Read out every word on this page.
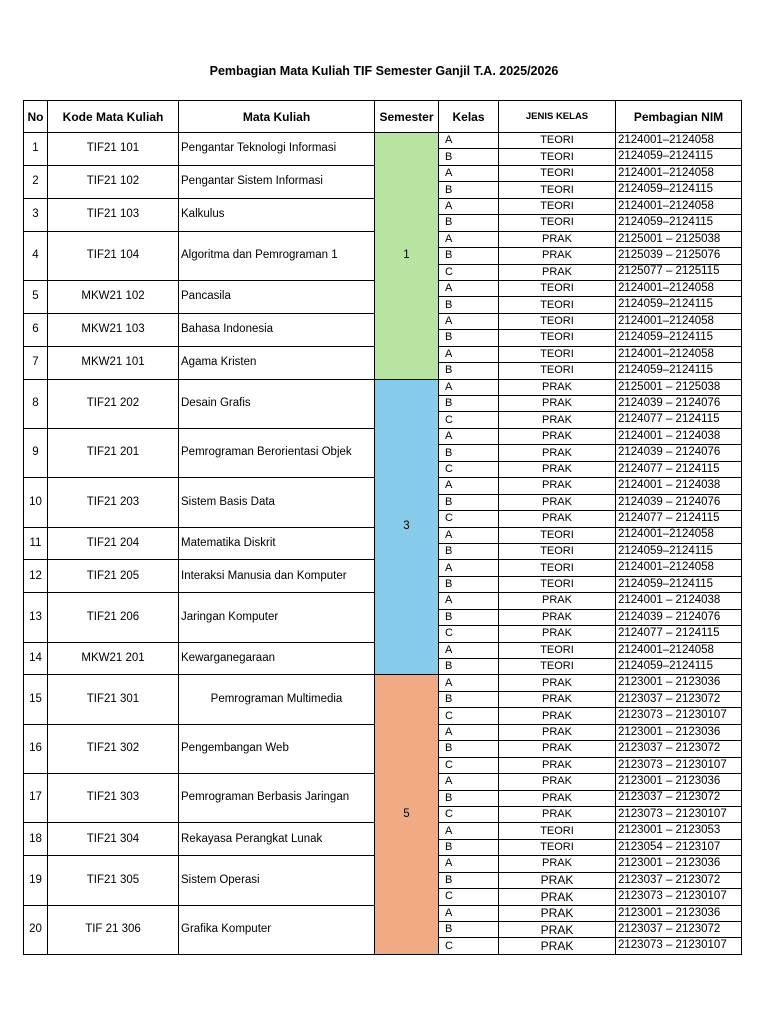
Pembagian Mata Kuliah TIF Semester Ganjil T.A. 2025/2026
No	Kode Mata Kuliah	Mata Kuliah	Semester	Kelas	JENIS KELAS	Pembagian NIM
1	TIF21 101	Pengantar Teknologi Informasi	1	A	TEORI	2124001–2124058
				B	TEORI	2124059–2124115
2	TIF21 102	Pengantar Sistem Informasi		A	TEORI	2124001–2124058
				B	TEORI	2124059–2124115
3	TIF21 103	Kalkulus		A	TEORI	2124001–2124058
				B	TEORI	2124059–2124115
4	TIF21 104	Algoritma dan Pemrograman 1		A	PRAK	2125001 – 2125038
				B	PRAK	2125039 – 2125076
				C	PRAK	2125077 – 2125115
5	MKW21 102	Pancasila		A	TEORI	2124001–2124058
				B	TEORI	2124059–2124115
6	MKW21 103	Bahasa Indonesia		A	TEORI	2124001–2124058
				B	TEORI	2124059–2124115
7	MKW21 101	Agama Kristen		A	TEORI	2124001–2124058
				B	TEORI	2124059–2124115
8	TIF21 202	Desain Grafis	3	A	PRAK	2125001 – 2125038
				B	PRAK	2124039 – 2124076
				C	PRAK	2124077 – 2124115
9	TIF21 201	Pemrograman Berorientasi Objek		A	PRAK	2124001 – 2124038
				B	PRAK	2124039 – 2124076
				C	PRAK	2124077 – 2124115
10	TIF21 203	Sistem Basis Data		A	PRAK	2124001 – 2124038
				B	PRAK	2124039 – 2124076
				C	PRAK	2124077 – 2124115
11	TIF21 204	Matematika Diskrit		A	TEORI	2124001–2124058
				B	TEORI	2124059–2124115
12	TIF21 205	Interaksi Manusia dan Komputer		A	TEORI	2124001–2124058
				B	TEORI	2124059–2124115
13	TIF21 206	Jaringan Komputer		A	PRAK	2124001 – 2124038
				B	PRAK	2124039 – 2124076
				C	PRAK	2124077 – 2124115
14	MKW21 201	Kewarganegaraan		A	TEORI	2124001–2124058
				B	TEORI	2124059–2124115
15	TIF21 301	Pemrograman Multimedia	5	A	PRAK	2123001 – 2123036
				B	PRAK	2123037 – 2123072
				C	PRAK	2123073 – 21230107
16	TIF21 302	Pengembangan Web		A	PRAK	2123001 – 2123036
				B	PRAK	2123037 – 2123072
				C	PRAK	2123073 – 21230107
17	TIF21 303	Pemrograman Berbasis Jaringan		A	PRAK	2123001 – 2123036
				B	PRAK	2123037 – 2123072
				C	PRAK	2123073 – 21230107
18	TIF21 304	Rekayasa Perangkat Lunak		A	TEORI	2123001 – 2123053
				B	TEORI	2123054 – 2123107
19	TIF21 305	Sistem Operasi		A	PRAK	2123001 – 2123036
				B	PRAK	2123037 – 2123072
				C	PRAK	2123073 – 21230107
20	TIF 21 306	Grafika Komputer		A	PRAK	2123001 – 2123036
				B	PRAK	2123037 – 2123072
				C	PRAK	2123073 – 21230107
